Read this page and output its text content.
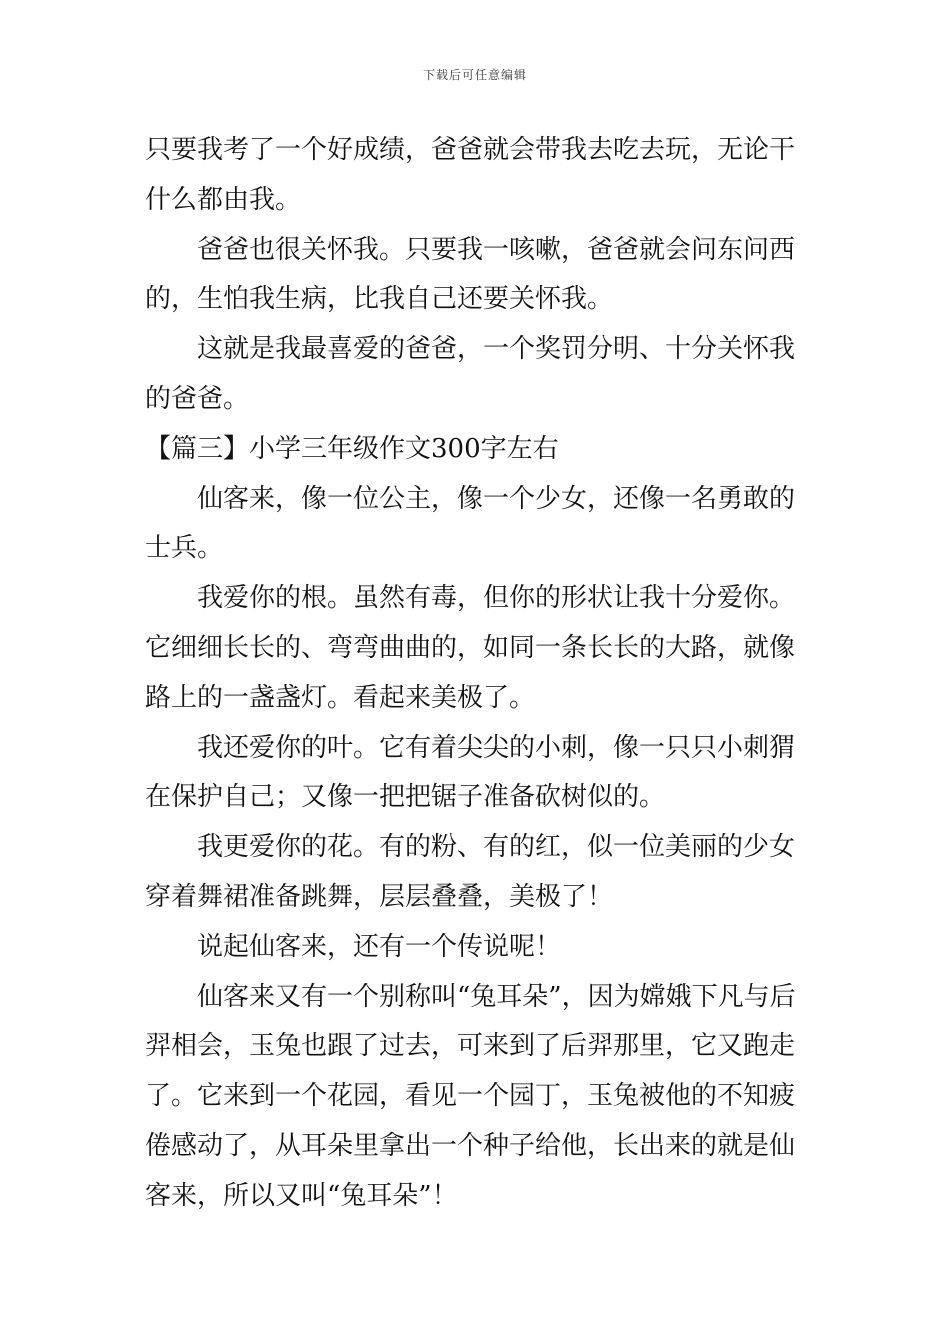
下载后可任意编辑

只要我考了一个好成绩，爸爸就会带我去吃去玩，无论干什么都由我。

爸爸也很关怀我。只要我一咳嗽，爸爸就会问东问西的，生怕我生病，比我自己还要关怀我。

这就是我最喜爱的爸爸，一个奖罚分明、十分关怀我的爸爸。

【篇三】小学三年级作文300字左右

仙客来，像一位公主，像一个少女，还像一名勇敢的士兵。

我爱你的根。虽然有毒，但你的形状让我十分爱你。它细细长长的、弯弯曲曲的，如同一条长长的大路，就像路上的一盏盏灯。看起来美极了。

我还爱你的叶。它有着尖尖的小刺，像一只只小刺猬在保护自己；又像一把把锯子准备砍树似的。

我更爱你的花。有的粉、有的红，似一位美丽的少女穿着舞裙准备跳舞，层层叠叠，美极了！

说起仙客来，还有一个传说呢！

仙客来又有一个别称叫“兔耳朵”，因为嫦娥下凡与后羿相会，玉兔也跟了过去，可来到了后羿那里，它又跑走了。它来到一个花园，看见一个园丁，玉兔被他的不知疲倦感动了，从耳朵里拿出一个种子给他，长出来的就是仙客来，所以又叫“兔耳朵”！
